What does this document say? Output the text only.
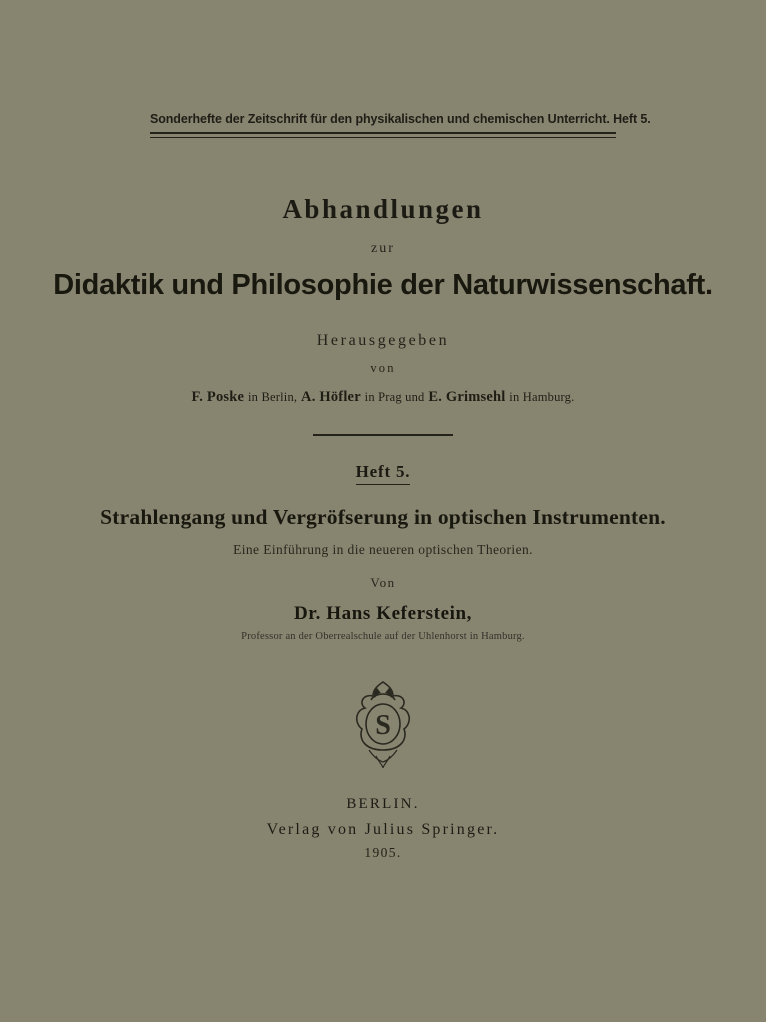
Sonderhefte der Zeitschrift für den physikalischen und chemischen Unterricht. Heft 5.
Abhandlungen
zur
Didaktik und Philosophie der Naturwissenschaft.
Herausgegeben
von
F. Poske in Berlin, A. Höfler in Prag und E. Grimsehl in Hamburg.
Heft 5.
Strahlengang und Vergröfserung in optischen Instrumenten.
Eine Einführung in die neueren optischen Theorien.
Von
Dr. Hans Keferstein,
Professor an der Oberrealschule auf der Uhlenhorst in Hamburg.
S
BERLIN.
Verlag von Julius Springer.
1905.
